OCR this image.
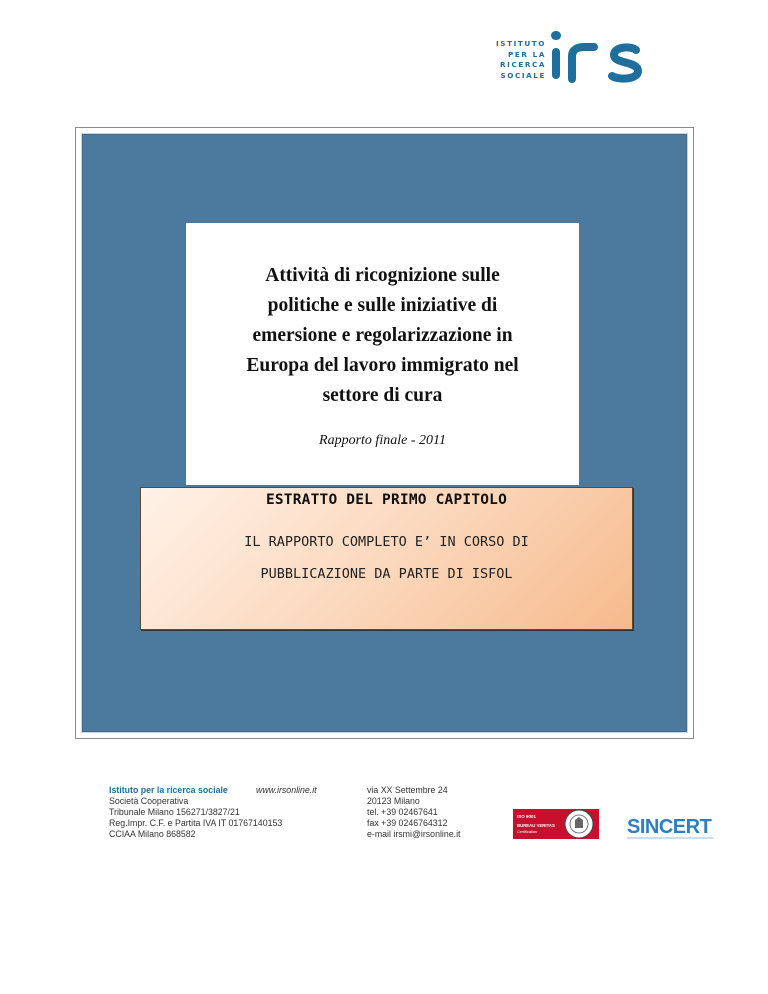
ISTITUTO
PER LA
RICERCA
SOCIALE
Attività di ricognizione sulle
politiche e sulle iniziative di
emersione e regolarizzazione in
Europa del lavoro immigrato nel
settore di cura
Rapporto finale - 2011
ESTRATTO DEL PRIMO CAPITOLO
IL RAPPORTO COMPLETO E’ IN CORSO DI
PUBBLICAZIONE DA PARTE DI ISFOL
Istituto per la ricerca sociale
Società Cooperativa
Tribunale Milano 156271/3827/21
Reg.Impr. C.F. e Partita IVA IT 01767140153
CCIAA Milano 868582
www.irsonline.it	via XX Settembre 24
20123 Milano
tel. +39 02467641
fax +39 0246764312
e-mail irsmi@irsonline.it
ISO 9001
BUREAU VERITAS
Certification	SINCERT
